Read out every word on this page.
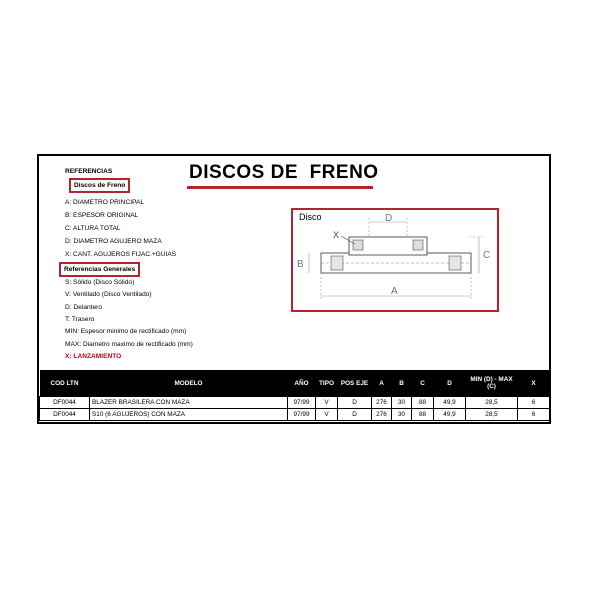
DISCOS DE  FRENO
REFERENCIAS
Discos de Freno
A: DIAMETRO PRINCIPAL
B: ESPESOR ORIGINAL
C: ALTURA TOTAL
D: DIAMETRO AGUJERO MAZA
X: CANT. AGUJEROS FIJAC.+GUIAS
Referencias Generales
S: Sólido (Disco Sólido)
V: Ventilado (Disco Ventilado)
D: Delantero
T: Trasero
MIN: Espesor minimo de rectificado (mm)
MAX: Diametro maximo de rectificado (mm)
X: LANZAMIENTO
Disco	D
X
B
C
A
COD LTN	MODELO	AÑO	TIPO	POS EJE	A	B	C	D	MIN (D) - MAX (C)	X
DF0044	BLAZER BRASILERA CON MAZA	97/99	V	D	276	30	88	49,9	28,5	6
DF0044	S10 (6 AGUJEROS) CON MAZA	97/99	V	D	276	30	88	49,9	28,5	6
